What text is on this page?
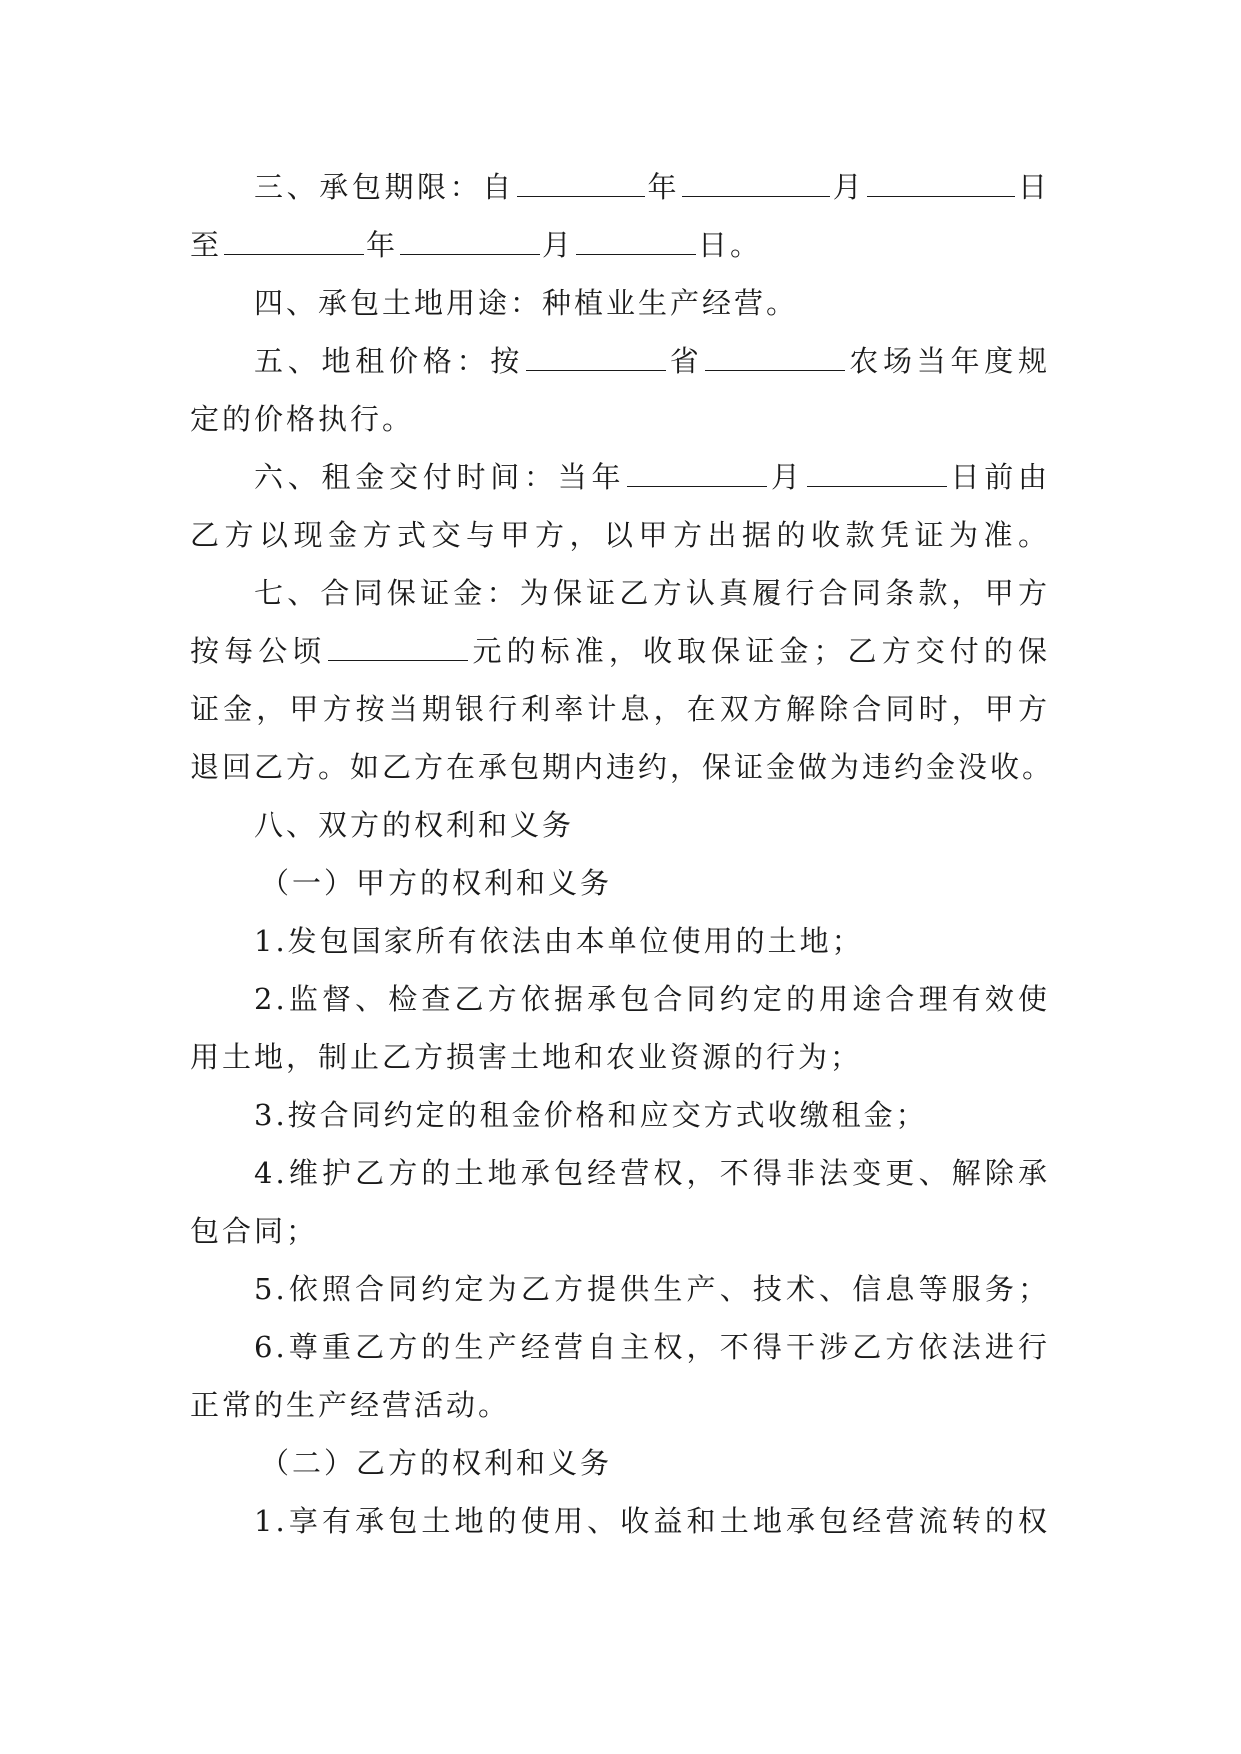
三、承包期限：自	年	月	日
至	年	月	日。
四、承包土地用途：种植业生产经营。
五、地租价格：按	省	农场当年度规
定的价格执行。
六、租金交付时间：当年	月	日前由
乙方以现金方式交与甲方，以甲方出据的收款凭证为准。
七、合同保证金：为保证乙方认真履行合同条款，甲方
按每公顷	元的标准，收取保证金；乙方交付的保
证金，甲方按当期银行利率计息，在双方解除合同时，甲方
退回乙方。如乙方在承包期内违约，保证金做为违约金没收。
八、双方的权利和义务
（一）甲方的权利和义务
1.发包国家所有依法由本单位使用的土地；
2.监督、检查乙方依据承包合同约定的用途合理有效使
用土地，制止乙方损害土地和农业资源的行为；
3.按合同约定的租金价格和应交方式收缴租金；
4.维护乙方的土地承包经营权，不得非法变更、解除承
包合同；
5.依照合同约定为乙方提供生产、技术、信息等服务；
6.尊重乙方的生产经营自主权，不得干涉乙方依法进行
正常的生产经营活动。
（二）乙方的权利和义务
1.享有承包土地的使用、收益和土地承包经营流转的权
